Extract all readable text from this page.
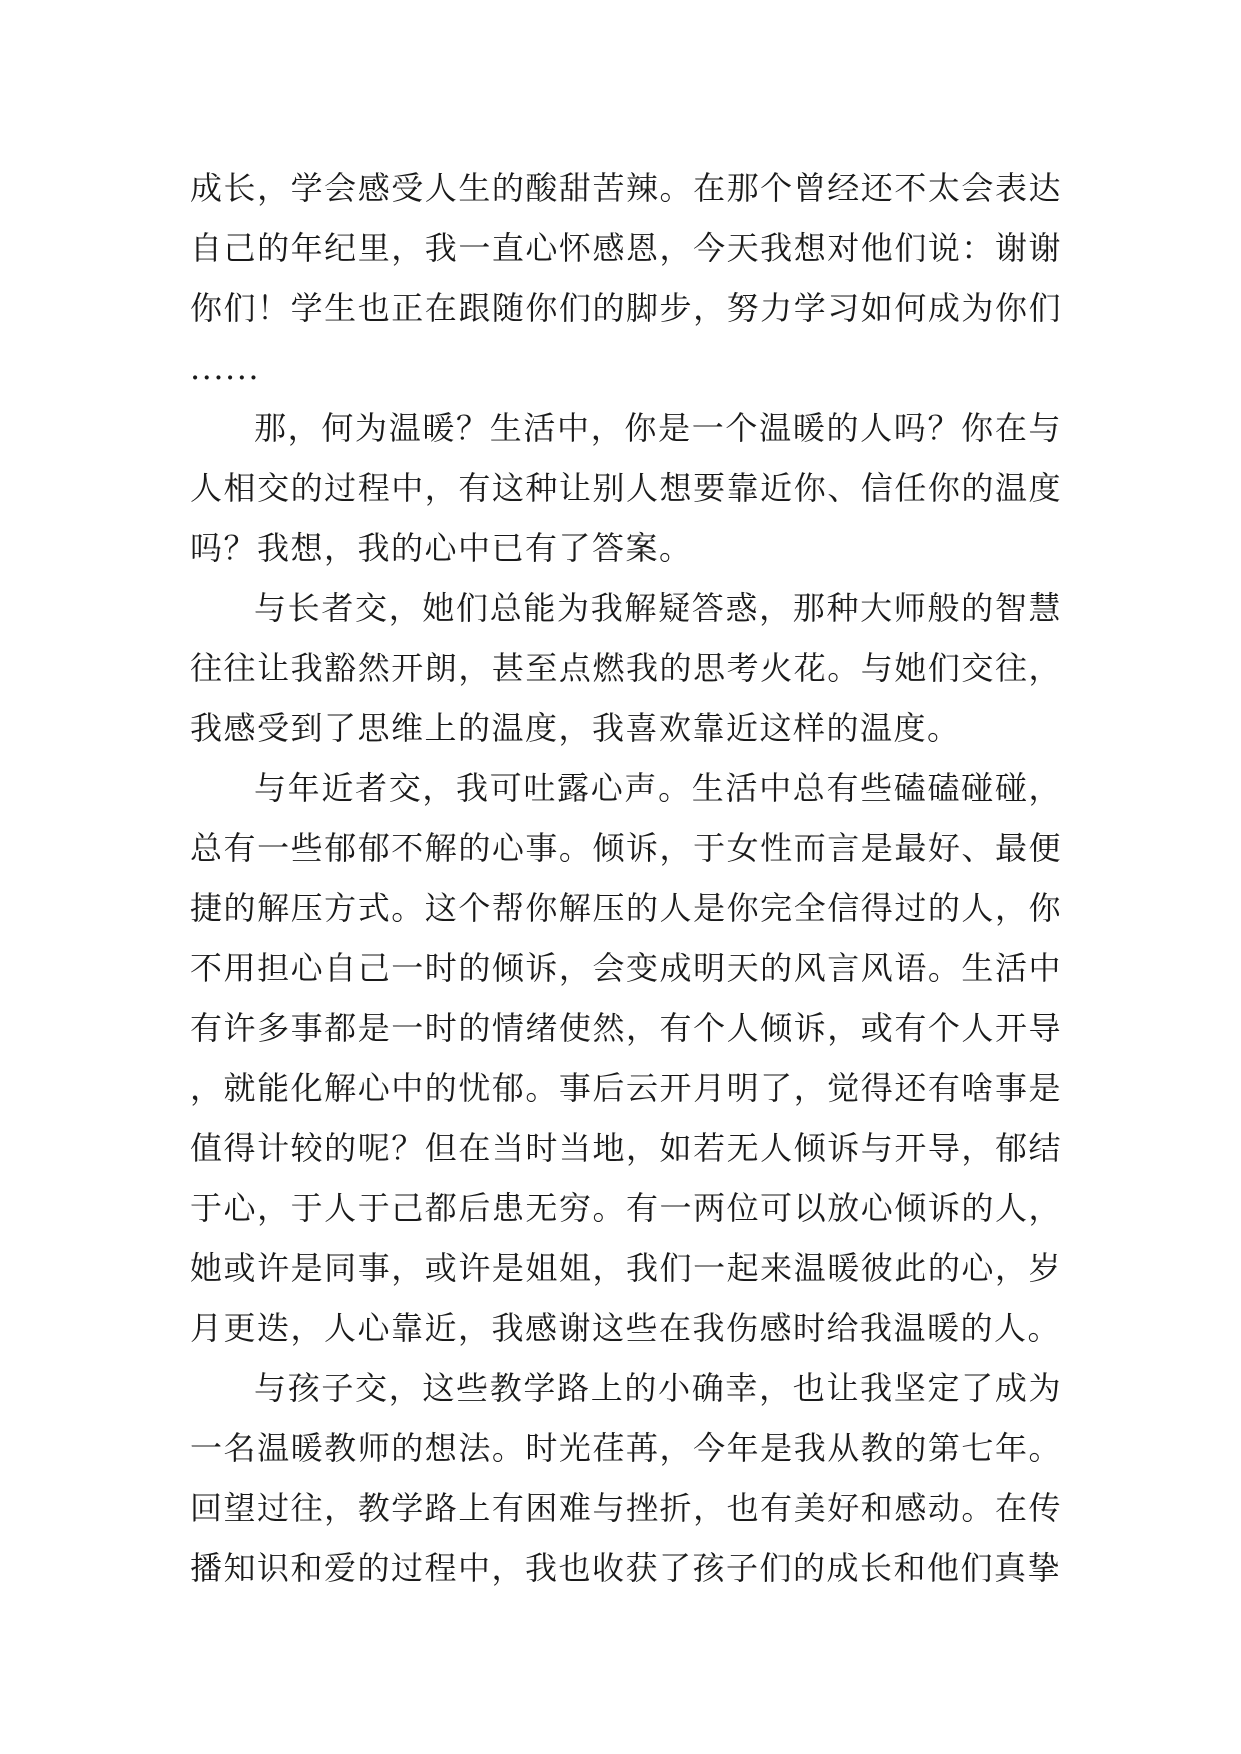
成长，学会感受人生的酸甜苦辣。在那个曾经还不太会表达自己的年纪里，我一直心怀感恩，今天我想对他们说：谢谢你们！学生也正在跟随你们的脚步，努力学习如何成为你们......

那，何为温暖？生活中，你是一个温暖的人吗？你在与人相交的过程中，有这种让别人想要靠近你、信任你的温度吗？我想，我的心中已有了答案。

与长者交，她们总能为我解疑答惑，那种大师般的智慧往往让我豁然开朗，甚至点燃我的思考火花。与她们交往，我感受到了思维上的温度，我喜欢靠近这样的温度。

与年近者交，我可吐露心声。生活中总有些磕磕碰碰，总有一些郁郁不解的心事。倾诉，于女性而言是最好、最便捷的解压方式。这个帮你解压的人是你完全信得过的人，你不用担心自己一时的倾诉，会变成明天的风言风语。生活中有许多事都是一时的情绪使然，有个人倾诉，或有个人开导，就能化解心中的忧郁。事后云开月明了，觉得还有啥事是值得计较的呢？但在当时当地，如若无人倾诉与开导，郁结于心，于人于己都后患无穷。有一两位可以放心倾诉的人，她或许是同事，或许是姐姐，我们一起来温暖彼此的心，岁月更迭，人心靠近，我感谢这些在我伤感时给我温暖的人。

与孩子交，这些教学路上的小确幸，也让我坚定了成为一名温暖教师的想法。时光荏苒，今年是我从教的第七年。回望过往，教学路上有困难与挫折，也有美好和感动。在传播知识和爱的过程中，我也收获了孩子们的成长和他们真挚
